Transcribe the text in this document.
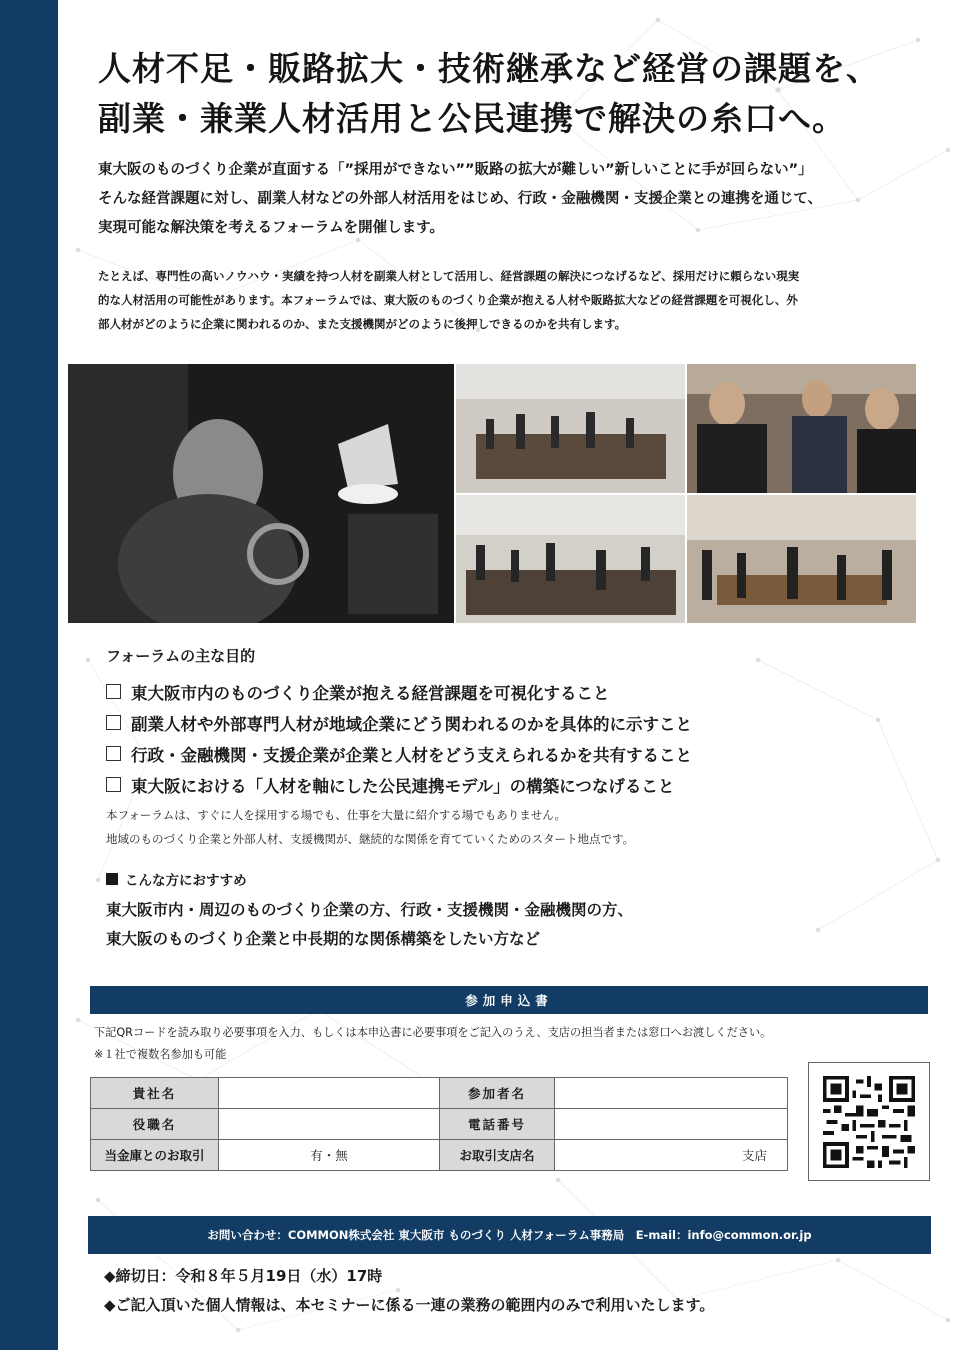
人材不足・販路拡大・技術継承など経営の課題を、
副業・兼業人材活用と公民連携で解決の糸口へ。
東大阪のものづくり企業が直面する「”採用ができない””販路の拡大が難しい”新しいことに手が回らない”」
そんな経営課題に対し、副業人材などの外部人材活用をはじめ、行政・金融機関・支援企業との連携を通じて、
実現可能な解決策を考えるフォーラムを開催します。
たとえば、専門性の高いノウハウ・実績を持つ人材を副業人材として活用し、経営課題の解決につなげるなど、採用だけに頼らない現実
的な人材活用の可能性があります。本フォーラムでは、東大阪のものづくり企業が抱える人材や販路拡大などの経営課題を可視化し、外
部人材がどのように企業に関われるのか、また支援機関がどのように後押しできるのかを共有します。
フォーラムの主な目的
東大阪市内のものづくり企業が抱える経営課題を可視化すること
副業人材や外部専門人材が地域企業にどう関われるのかを具体的に示すこと
行政・金融機関・支援企業が企業と人材をどう支えられるかを共有すること
東大阪における「人材を軸にした公民連携モデル」の構築につなげること
本フォーラムは、すぐに人を採用する場でも、仕事を大量に紹介する場でもありません。
地域のものづくり企業と外部人材、支援機関が、継続的な関係を育てていくためのスタート地点です。
こんな方におすすめ
東大阪市内・周辺のものづくり企業の方、行政・支援機関・金融機関の方、
東大阪のものづくり企業と中長期的な関係構築をしたい方など
参加申込書
下記QRコードを読み取り必要事項を入力、もしくは本申込書に必要事項をご記入のうえ、支店の担当者または窓口へお渡しください。
※１社で複数名参加も可能
貴社名		参加者名	
役職名		電話番号	
当金庫とのお取引	有・無	お取引支店名	支店
お問い合わせ：COMMON株式会社 東大阪市 ものづくり 人材フォーラム事務局　E-mail：info@common.or.jp
◆締切日：令和８年５月19日（水）17時
◆ご記入頂いた個人情報は、本セミナーに係る一連の業務の範囲内のみで利用いたします。
